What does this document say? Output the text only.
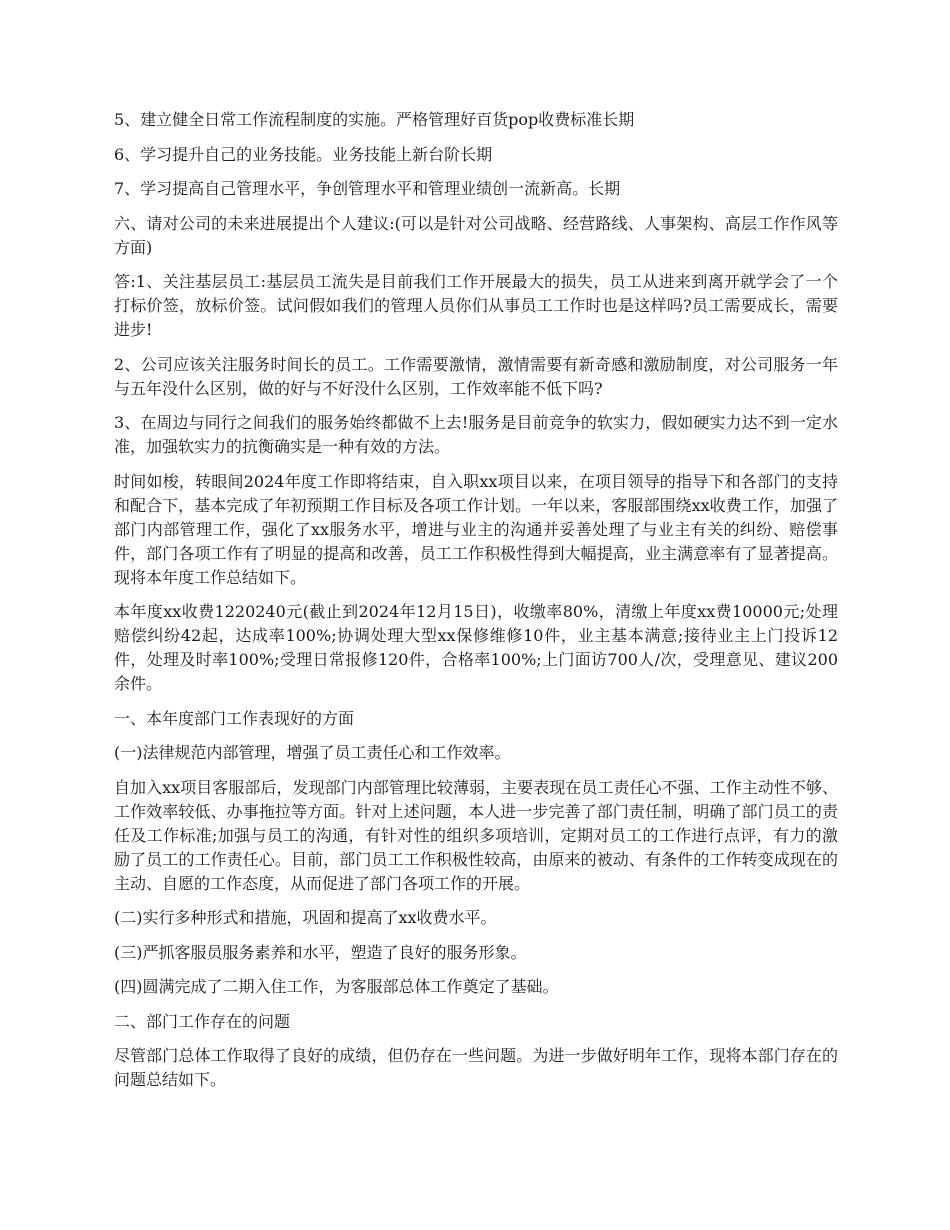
5、建立健全日常工作流程制度的实施。严格管理好百货pop收费标准长期

6、学习提升自己的业务技能。业务技能上新台阶长期

7、学习提高自己管理水平，争创管理水平和管理业绩创一流新高。长期

六、请对公司的未来进展提出个人建议:(可以是针对公司战略、经营路线、人事架构、高层工作作风等方面)

答:1、关注基层员工:基层员工流失是目前我们工作开展最大的损失，员工从进来到离开就学会了一个打标价签，放标价签。试问假如我们的管理人员你们从事员工工作时也是这样吗?员工需要成长，需要进步!

2、公司应该关注服务时间长的员工。工作需要激情，激情需要有新奇感和激励制度，对公司服务一年与五年没什么区别，做的好与不好没什么区别，工作效率能不低下吗?

3、在周边与同行之间我们的服务始终都做不上去!服务是目前竞争的软实力，假如硬实力达不到一定水准，加强软实力的抗衡确实是一种有效的方法。

时间如梭，转眼间2024年度工作即将结束，自入职xx项目以来，在项目领导的指导下和各部门的支持和配合下，基本完成了年初预期工作目标及各项工作计划。一年以来，客服部围绕xx收费工作，加强了部门内部管理工作，强化了xx服务水平，增进与业主的沟通并妥善处理了与业主有关的纠纷、赔偿事件，部门各项工作有了明显的提高和改善，员工工作积极性得到大幅提高，业主满意率有了显著提高。现将本年度工作总结如下。

本年度xx收费1220240元(截止到2024年12月15日)，收缴率80%，清缴上年度xx费10000元;处理赔偿纠纷42起，达成率100%;协调处理大型xx保修维修10件，业主基本满意;接待业主上门投诉12件，处理及时率100%;受理日常报修120件，合格率100%;上门面访700人/次，受理意见、建议200余件。

一、本年度部门工作表现好的方面

(一)法律规范内部管理，增强了员工责任心和工作效率。

自加入xx项目客服部后，发现部门内部管理比较薄弱，主要表现在员工责任心不强、工作主动性不够、工作效率较低、办事拖拉等方面。针对上述问题，本人进一步完善了部门责任制，明确了部门员工的责任及工作标准;加强与员工的沟通，有针对性的组织多项培训，定期对员工的工作进行点评，有力的激励了员工的工作责任心。目前，部门员工工作积极性较高，由原来的被动、有条件的工作转变成现在的主动、自愿的工作态度，从而促进了部门各项工作的开展。

(二)实行多种形式和措施，巩固和提高了xx收费水平。

(三)严抓客服员服务素养和水平，塑造了良好的服务形象。

(四)圆满完成了二期入住工作，为客服部总体工作奠定了基础。

二、部门工作存在的问题

尽管部门总体工作取得了良好的成绩，但仍存在一些问题。为进一步做好明年工作，现将本部门存在的问题总结如下。
